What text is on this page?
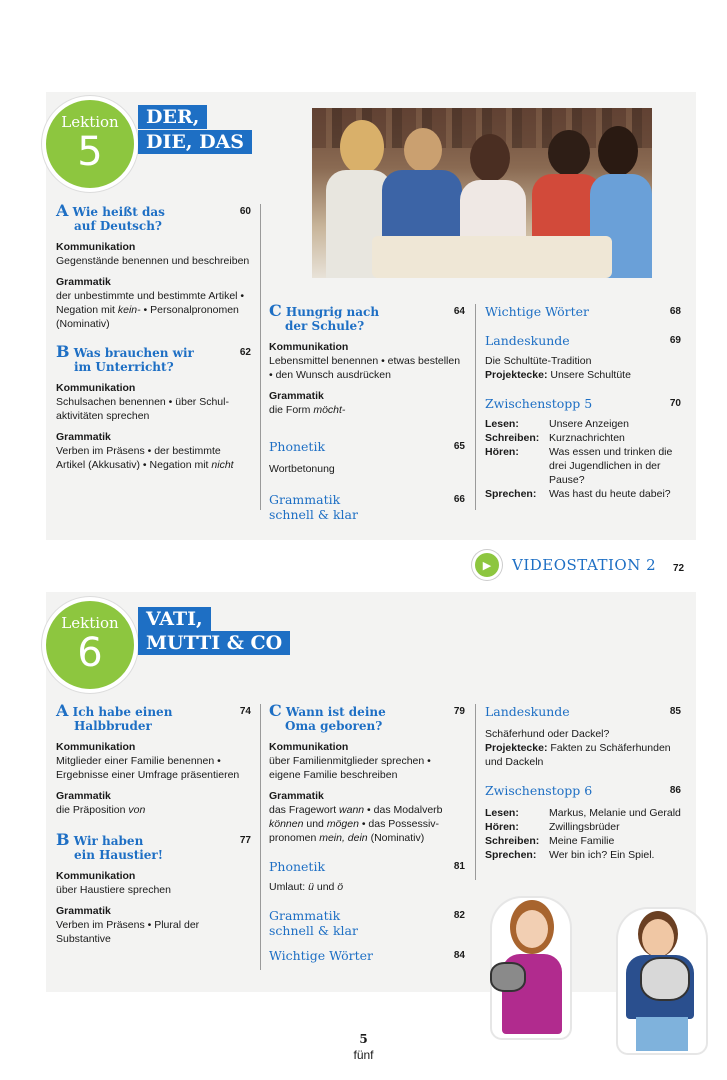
Lektion
5
DER,
DIE, DAS
A Wie heißt das
auf Deutsch?
60
Kommunikation
Gegenstände benennen und beschreiben
Grammatik
der unbestimmte und bestimmte Artikel • Negation mit kein- • Personalpronomen (Nominativ)
B Was brauchen wir
im Unterricht?
62
Kommunikation
Schulsachen benennen • über Schul-aktivitäten sprechen
Grammatik
Verben im Präsens • der bestimmte Artikel (Akkusativ) • Negation mit nicht
C Hungrig nach
der Schule?
64
Kommunikation
Lebensmittel benennen • etwas bestellen • den Wunsch ausdrücken
Grammatik
die Form möcht-
Phonetik	65
Wortbetonung
Grammatik
schnell & klar
66
Wichtige Wörter	68
Landeskunde	69
Die Schultüte-Tradition
Projektecke: Unsere Schultüte
Zwischenstopp 5	70
Lesen:	Unsere Anzeigen
Schreiben: Kurznachrichten
Hören:	Was essen und trinken die drei Jugendlichen in der Pause?
Sprechen:	Was hast du heute dabei?
▶	VIDEOSTATION 2 72
Lektion
6
VATI,
MUTTI & CO
A Ich habe einen
Halbbruder
74
Kommunikation
Mitglieder einer Familie benennen • Ergebnisse einer Umfrage präsentieren
Grammatik
die Präposition von
B Wir haben
ein Haustier!
77
Kommunikation
über Haustiere sprechen
Grammatik
Verben im Präsens • Plural der Substantive
C Wann ist deine
Oma geboren?
79
Kommunikation
über Familienmitglieder sprechen • eigene Familie beschreiben
Grammatik
das Fragewort wann • das Modalverb können und mögen • das Possessiv-pronomen mein, dein (Nominativ)
Phonetik	81
Umlaut: ü und ö
Grammatik
schnell & klar
82
Wichtige Wörter	84
Landeskunde	85
Schäferhund oder Dackel?
Projektecke: Fakten zu Schäferhunden und Dackeln
Zwischenstopp 6	86
Lesen:	Markus, Melanie und Gerald
Hören:	Zwillingsbrüder
Schreiben: Meine Familie
Sprechen:	Wer bin ich? Ein Spiel.
5
fünf
